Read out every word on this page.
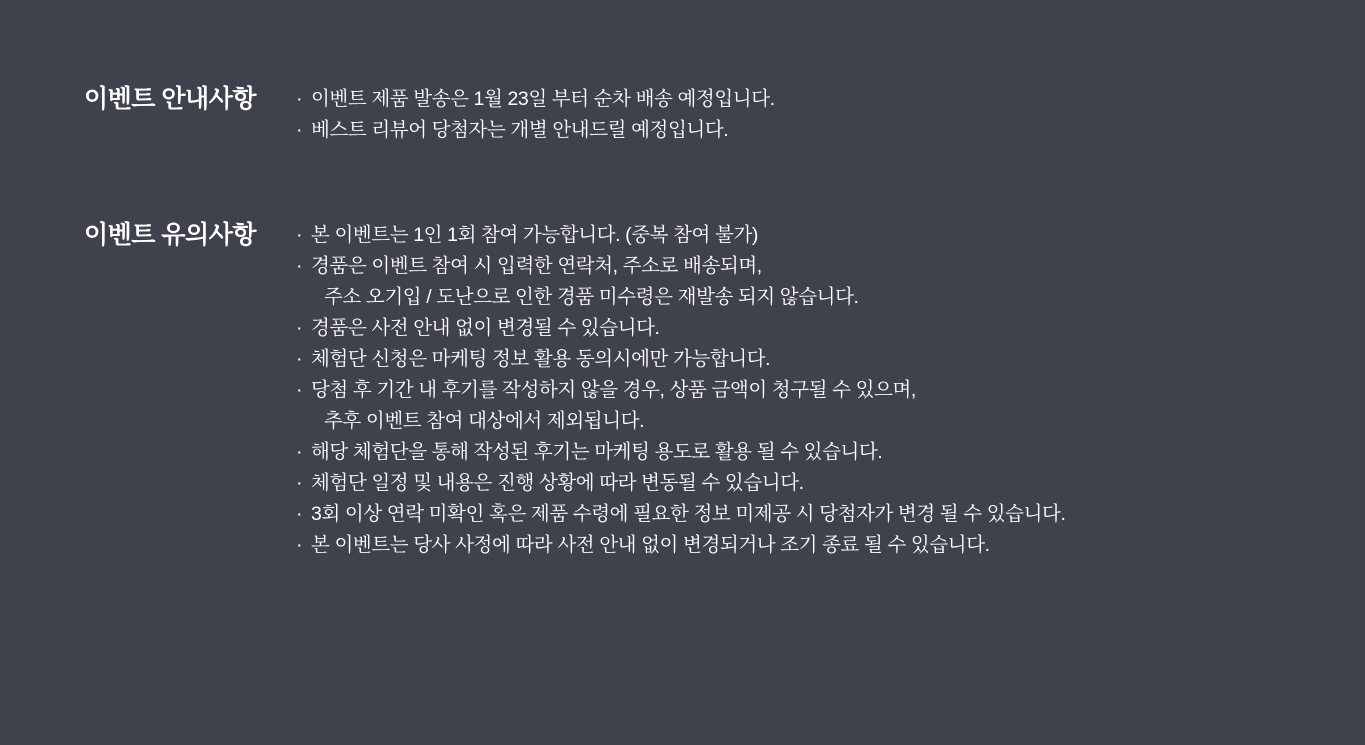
이벤트 안내사항	· 이벤트 제품 발송은 1월 23일 부터 순차 배송 예정입니다.
· 베스트 리뷰어 당첨자는 개별 안내드릴 예정입니다.
이벤트 유의사항	· 본 이벤트는 1인 1회 참여 가능합니다. (중복 참여 불가)
· 경품은 이벤트 참여 시 입력한 연락처, 주소로 배송되며,
주소 오기입 / 도난으로 인한 경품 미수령은 재발송 되지 않습니다.
· 경품은 사전 안내 없이 변경될 수 있습니다.
· 체험단 신청은 마케팅 정보 활용 동의시에만 가능합니다.
· 당첨 후 기간 내 후기를 작성하지 않을 경우, 상품 금액이 청구될 수 있으며,
추후 이벤트 참여 대상에서 제외됩니다.
· 해당 체험단을 통해 작성된 후기는 마케팅 용도로 활용 될 수 있습니다.
· 체험단 일정 및 내용은 진행 상황에 따라 변동될 수 있습니다.
· 3회 이상 연락 미확인 혹은 제품 수령에 필요한 정보 미제공 시 당첨자가 변경 될 수 있습니다.
· 본 이벤트는 당사 사정에 따라 사전 안내 없이 변경되거나 조기 종료 될 수 있습니다.
